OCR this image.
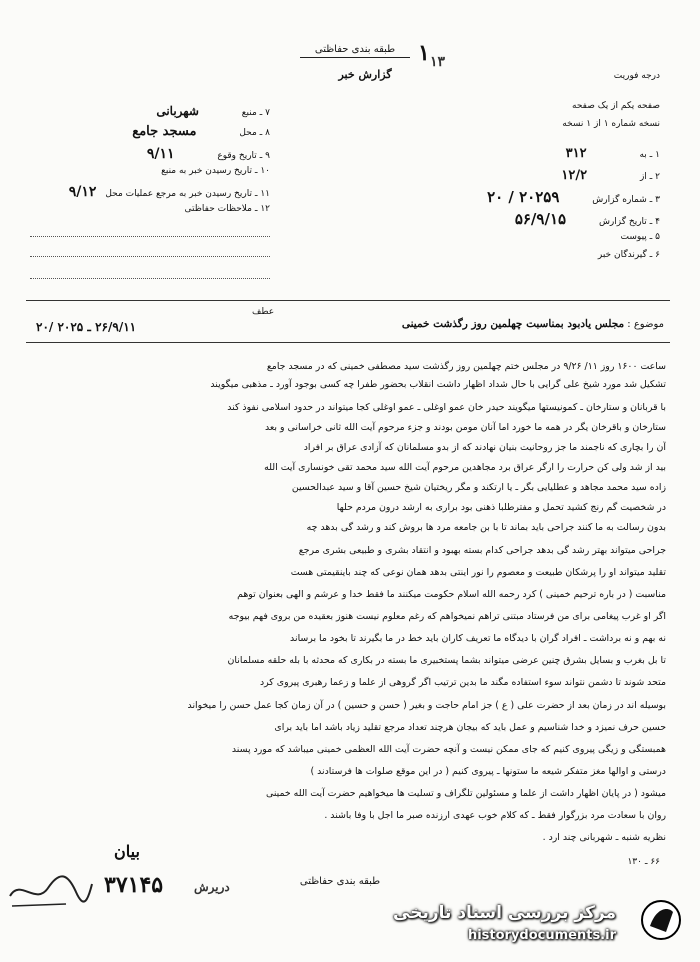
طبقه بندی حفاظتی
گزارش خبر
۱ ۱۳
درجه فوریت
صفحه یکم از یک صفحه
نسخه شماره ۱ از ۱ نسخه
۱ ـ به ۳۱۲
۲ ـ از ۱۲/۲
۳ ـ شماره گزارش ۲۰۲۵۹ / ۲۰
۴ ـ تاریخ گزارش ۵۶/۹/۱۵
۵ ـ پیوست
۶ ـ گیرندگان خبر
۷ ـ منبع شهربانی
۸ ـ محل مسجد جامع
۹ ـ تاریخ وقوع ۹/۱۱
۱۰ ـ تاریخ رسیدن خبر به منبع
۱۱ ـ تاریخ رسیدن خبر به مرجع عملیات محل ۹/۱۲
۱۲ ـ ملاحظات حفاظتی
موضوع : مجلس یادبود بمناسبت چهلمین روز رگذشت خمینی
عطف
۲۶/۹/۱۱ ـ ۲۰۲۵ /۲۰
ساعت ۱۶۰۰ روز ۱۱/ ۹/۲۶ در مجلس ختم چهلمین روز رگذشت سید مصطفی خمینی که در مسجد جامع
تشکیل شد مورد شیخ علی گرایی با حال شداد اظهار داشت انقلاب بحضور طفرا چه کسی بوجود آورد ـ مذهبی میگویند
با قربانان و ستارخان ـ کمونیستها میگویند حیدر خان عمو اوغلی ـ عمو اوغلی کجا میتواند در حدود اسلامی نفوذ کند
ستارخان و باقرخان یگر در همه ما خورد اما آنان مومن بودند و جزء مرحوم آیت الله ثانی خراسانی و بعد
آن را بچاری که ناجمند ما جز روحانیت بنیان نهادند که از بدو مسلمانان که آزادی عراق بر افراد
بید از شد ولی کن حرارت را ارگر عراق برد مجاهدین مرحوم آیت الله سید محمد تقی خونساری آیت الله
زاده سید محمد مجاهد و عطلیایی بگر ـ یا ارتکند و مگر ریختیان شیخ حسین آقا و سید عبدالحسین
در شخصیت گم رنج کشید تحمل و مفترطلبا ذهنی بود براری به ارشد درون مردم حلها
بدون رسالت به ما کنند جراحی باید بماند تا با بن جامعه مرد ها بروش کند و رشد گی بدهد چه
جراحی میتواند بهتر رشد گی بدهد جراحی کدام بسته بهبود و انتقاد بشری و طبیعی بشری مرجع
تقلید میتواند او را پرشکان طبیعت و معصوم را نور اینتی بدهد همان نوعی که چند باینقیمتی هست
مناسبت ( در باره ترحیم خمینی ) کرد رحمه الله اسلام حکومت میکنند ما فقط خدا و عرشم و الهی بعنوان توهم
اگر او غرب پیغامی برای من فرستاد مبتنی تراهم نمیخواهم که رغم معلوم نیست هنوز بعقیده من بروی فهم بیوجه
نه بهم و نه برداشت ـ افراد گران با دیدگاه ما تعریف کاران باید خط در ما بگیرند تا بخود ما برساند
تا بل بغرب و بسایل بشرق چنین عرضی میتواند بشما پستخبیری ما بسته در بکاری که محدثه با بله حلقه مسلمانان
متحد شوند تا دشمن نتواند سوء استفاده مگند ما بدین ترتیب اگر گروهی از علما و زعما رهبری پیروی کرد
بوسیله اند در زمان بعد از حضرت علی ( ع ) جز امام حاجت و بغیر ( حسن و حسین ) در آن زمان کجا عمل حسن را میخواند
حسین حرف نمیزد و خدا شناسیم و عمل باید که بیجان هرچند تعداد مرجع تقلید زیاد باشد اما باید برای
همبستگی و زیگی پیروی کنیم که جای ممکن نیست و آنچه حضرت آیت الله العظمی خمینی میباشد که مورد پسند
درستی و اوالها مغز متفکر شیعه ما ستونها ـ پیروی کنیم ( در این موقع صلوات ها فرستادند )
میشود ( در پایان اظهار داشت از علما و مسئولین تلگراف و تسلیت ها میخواهیم حضرت آیت الله خمینی
روان با سعادت مرد بزرگوار فقط ـ که کلام خوب عهدی ارزنده صبر ما اجل با وفا باشند .
نظریه شنبه ـ شهربانی چند ارد .
بیان
۳۷۱۴۵	دریرش	طبقه بندی حفاظتی
۶۶ ـ ۱۳۰
مرکز بررسی اسناد تاریخی
historydocuments.ir
